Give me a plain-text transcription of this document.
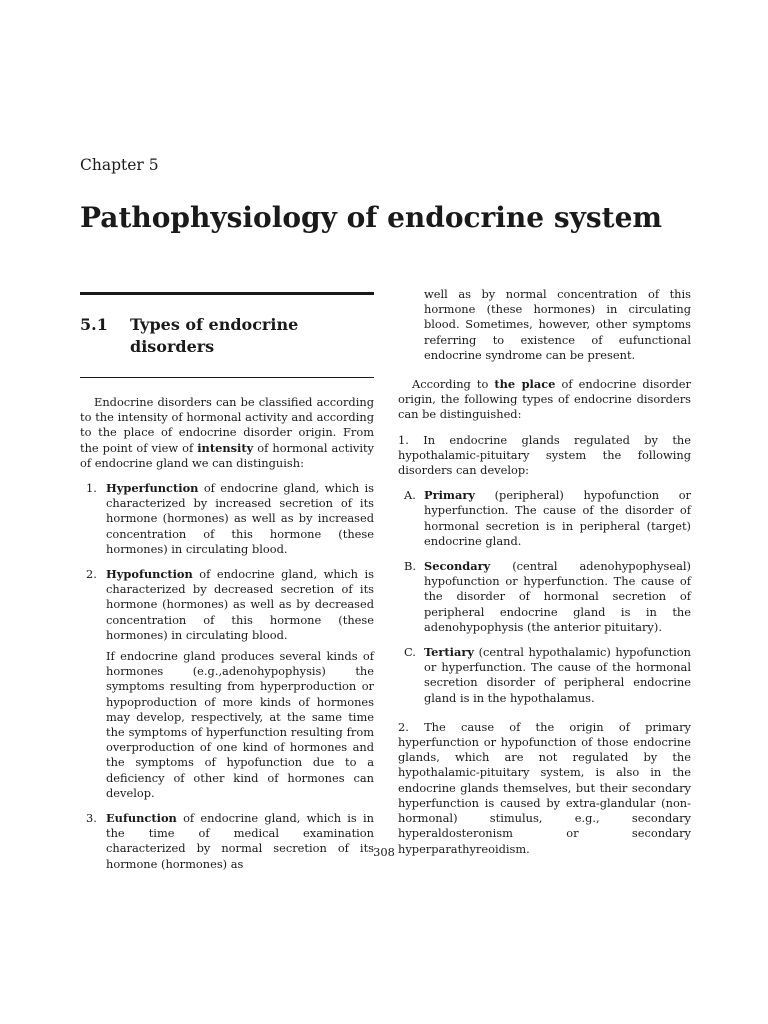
Chapter 5
Pathophysiology of endocrine system
5.1	Types of endocrine disorders

Endocrine disorders can be classified according to the intensity of hormonal activity and according to the place of endocrine disorder origin. From the point of view of intensity of hormonal activity of endocrine gland we can distinguish:

1. Hyperfunction of endocrine gland, which is characterized by increased secretion of its hormone (hormones) as well as by increased concentration of this hormone (these hormones) in circulating blood.
2. Hypofunction of endocrine gland, which is characterized by decreased secretion of its hormone (hormones) as well as by decreased concentration of this hormone (these hormones) in circulating blood.

If endocrine gland produces several kinds of hormones (e.g.,adenohypophysis) the symptoms resulting from hyperproduction or hypoproduction of more kinds of hormones may develop, respectively, at the same time the symptoms of hyperfunction resulting from overproduction of one kind of hormones and the symptoms of hypofunction due to a deficiency of other kind of hormones can develop.

3. Eufunction of endocrine gland, which is in the time of medical examination characterized by normal secretion of its hormone (hormones) as

well as by normal concentration of this hormone (these hormones) in circulating blood. Sometimes, however, other symptoms referring to existence of eufunctional endocrine syndrome can be present.

According to the place of endocrine disorder origin, the following types of endocrine disorders can be distinguished:

1. In endocrine glands regulated by the hypothalamic-pituitary system the following disorders can develop:

A. Primary (peripheral) hypofunction or hyperfunction. The cause of the disorder of hormonal secretion is in peripheral (target) endocrine gland.
B. Secondary (central adenohypophyseal) hypofunction or hyperfunction. The cause of the disorder of hormonal secretion of peripheral endocrine gland is in the adenohypophysis (the anterior pituitary).
C. Tertiary (central hypothalamic) hypofunction or hyperfunction. The cause of the hormonal secretion disorder of peripheral endocrine gland is in the hypothalamus.

2. The cause of the origin of primary hyperfunction or hypofunction of those endocrine glands, which are not regulated by the hypothalamic-pituitary system, is also in the endocrine glands themselves, but their secondary hyperfunction is caused by extra-glandular (non-hormonal) stimulus, e.g., secondary hyperaldosteronism or secondary hyperparathyreoidism.

308
